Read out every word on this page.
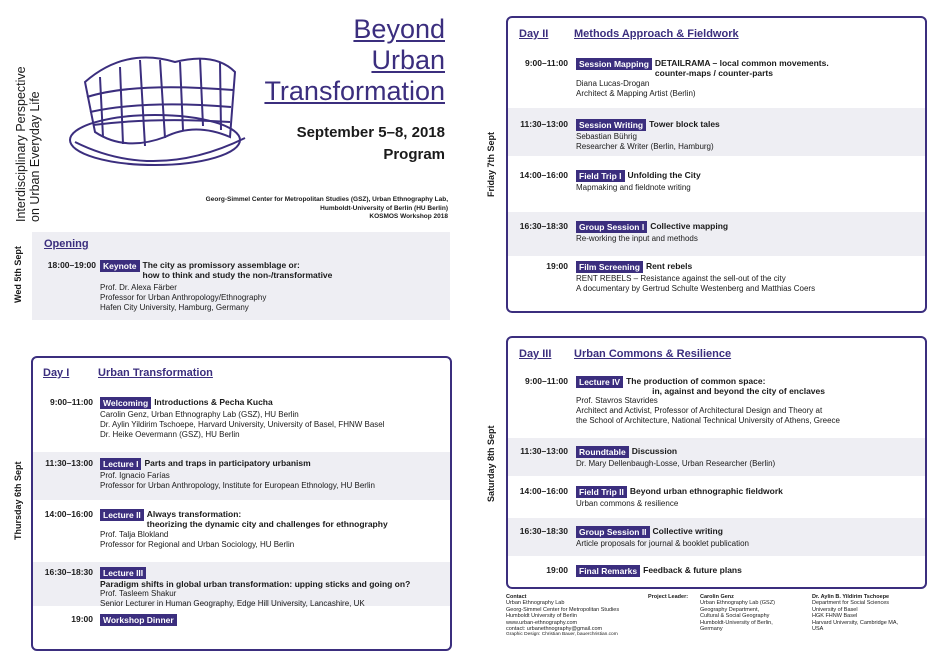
Interdisciplinary Perspective on Urban Everyday Life
Beyond
Urban
Transformation
September 5–8, 2018
Program
Georg-Simmel Center for Metropolitan Studies (GSZ), Urban Ethnography Lab,
Humboldt-University of Berlin (HU Berlin)
KOSMOS Workshop 2018
Wed 5th Sept
Opening
18:00–19:00 Keynote The city as promissory assemblage or:
how to think and study the non-/transformative
Prof. Dr. Alexa Färber
Professor for Urban Anthropology/Ethnography
Hafen City University, Hamburg, Germany
Thursday 6th Sept
Day I	Urban Transformation
9:00–11:00	Welcoming Introductions & Pecha Kucha
Carolin Genz, Urban Ethnography Lab (GSZ), HU Berlin
Dr. Aylin Yildirim Tschoepe, Harvard University, University of Basel, FHNW Basel
Dr. Heike Oevermann (GSZ), HU Berlin
11:30–13:00	Lecture I Parts and traps in participatory urbanism
Prof. Ignacio Farías
Professor for Urban Anthropology, Institute for European Ethnology, HU Berlin
14:00–16:00	Lecture II Always transformation:
theorizing the dynamic city and challenges for ethnography
Prof. Talja Blokland
Professor for Regional and Urban Sociology, HU Berlin
16:30–18:30	Lecture IIIParadigm shifts in global urban transformation: upping sticks and going on?
Prof. Tasleem Shakur
Senior Lecturer in Human Geography, Edge Hill University, Lancashire, UK
19:00	Workshop Dinner
Friday 7th Sept
Day II Methods Approach & Fieldwork
9:00–11:00	Session Mapping DETAILRAMA – local common movements.
counter-maps / counter-parts
Diana Lucas-Drogan
Architect & Mapping Artist (Berlin)
11:30–13:00	Session Writing Tower block tales
Sebastian Bührig
Researcher & Writer (Berlin, Hamburg)
14:00–16:00	Field Trip I Unfolding the City
Mapmaking and fieldnote writing
16:30–18:30	Group Session I Collective mapping
Re-working the input and methods
19:00	Film Screening Rent rebels
RENT REBELS – Resistance against the sell-out of the city
A documentary by Gertrud Schulte Westenberg and Matthias Coers
Saturday 8th Sept
Day III Urban Commons & Resilience
9:00–11:00	Lecture IV The production of common space:
in, against and beyond the city of enclaves
Prof. Stavros Stavrides
Architect and Activist, Professor of Architectural Design and Theory at
the School of Architecture, National Technical University of Athens, Greece
11:30–13:00	Roundtable Discussion
Dr. Mary Dellenbaugh-Losse, Urban Researcher (Berlin)
14:00–16:00	Field Trip II Beyond urban ethnographic fieldwork
Urban commons & resilience
16:30–18:30	Group Session II Collective writing
Article proposals for journal & booklet publication
19:00	Final Remarks Feedback & future plans
Contact
Urban Ethnography Lab
Georg-Simmel Center for Metropolitan Studies
Humboldt University of Berlin
www.urban-ethnography.com
contact: urbanethnography@gmail.com
Graphic Design: Christian Bauer, bauerchristian.com
Project Leader: Carolin Genz
Urban Ethnography Lab (GSZ)
Geography Department,
Cultural & Social Geography
Humboldt-University of Berlin,
Germany
Dr. Aylin B. Yildirim Tschoepe
Department for Social Sciences
University of Basel
HGK FHNW Basel
Harvard University, Cambridge MA,
USA
